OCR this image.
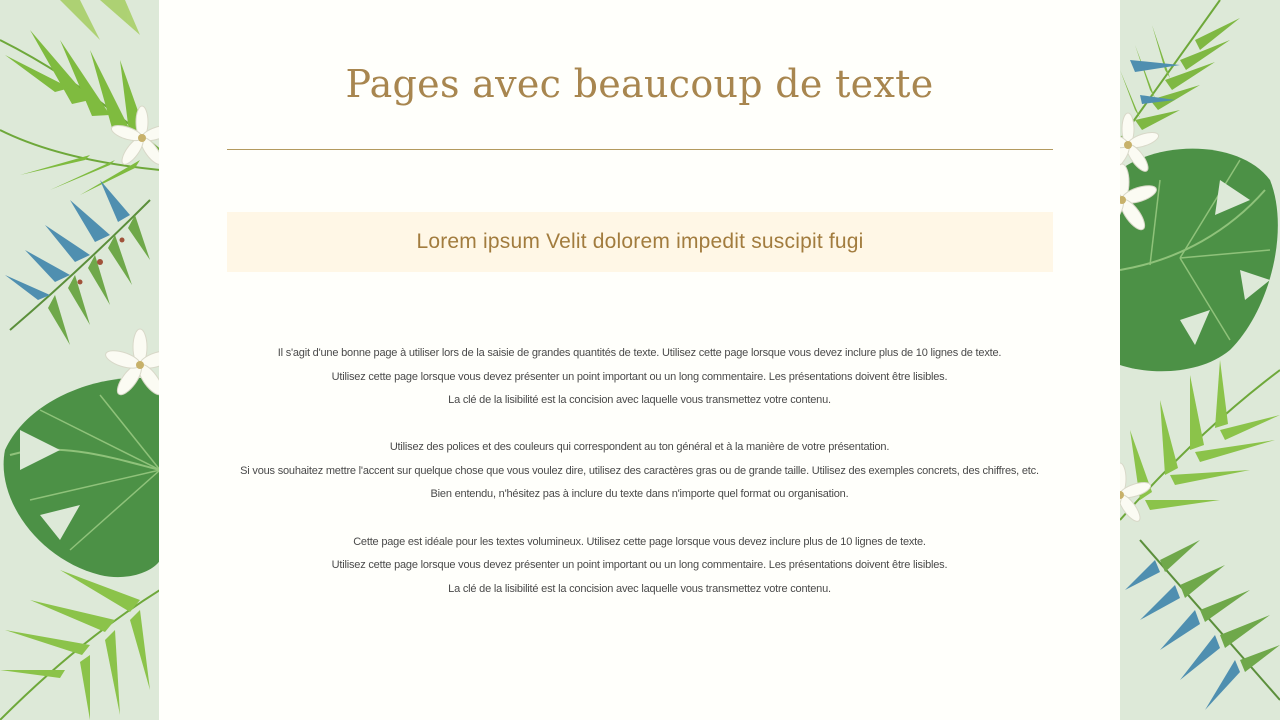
Pages avec beaucoup de texte
Lorem ipsum Velit dolorem impedit suscipit fugi
Il s'agit d'une bonne page à utiliser lors de la saisie de grandes quantités de texte. Utilisez cette page lorsque vous devez inclure plus de 10 lignes de texte.
Utilisez cette page lorsque vous devez présenter un point important ou un long commentaire. Les présentations doivent être lisibles.
La clé de la lisibilité est la concision avec laquelle vous transmettez votre contenu.
Utilisez des polices et des couleurs qui correspondent au ton général et à la manière de votre présentation.
Si vous souhaitez mettre l'accent sur quelque chose que vous voulez dire, utilisez des caractères gras ou de grande taille. Utilisez des exemples concrets, des chiffres, etc.
Bien entendu, n'hésitez pas à inclure du texte dans n'importe quel format ou organisation.
Cette page est idéale pour les textes volumineux. Utilisez cette page lorsque vous devez inclure plus de 10 lignes de texte.
Utilisez cette page lorsque vous devez présenter un point important ou un long commentaire. Les présentations doivent être lisibles.
La clé de la lisibilité est la concision avec laquelle vous transmettez votre contenu.
